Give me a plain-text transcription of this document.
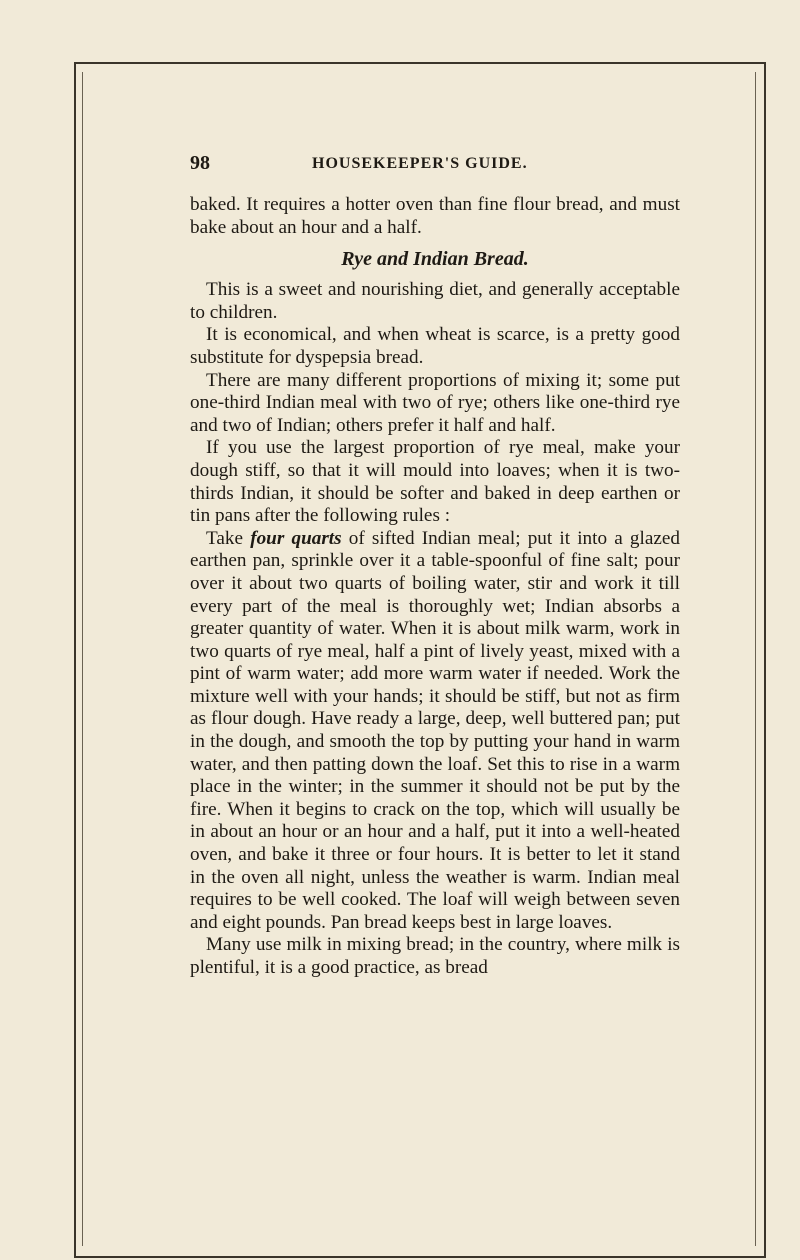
98	HOUSEKEEPER'S GUIDE.

baked. It requires a hotter oven than fine flour bread, and must bake about an hour and a half.

Rye and Indian Bread.

This is a sweet and nourishing diet, and generally acceptable to children.

It is economical, and when wheat is scarce, is a pretty good substitute for dyspepsia bread.

There are many different proportions of mixing it; some put one-third Indian meal with two of rye; others like one-third rye and two of Indian; others prefer it half and half.

If you use the largest proportion of rye meal, make your dough stiff, so that it will mould into loaves; when it is two-thirds Indian, it should be softer and baked in deep earthen or tin pans after the following rules :

Take four quarts of sifted Indian meal; put it into a glazed earthen pan, sprinkle over it a table-spoonful of fine salt; pour over it about two quarts of boiling water, stir and work it till every part of the meal is thoroughly wet; Indian absorbs a greater quantity of water. When it is about milk warm, work in two quarts of rye meal, half a pint of lively yeast, mixed with a pint of warm water; add more warm water if needed. Work the mixture well with your hands; it should be stiff, but not as firm as flour dough. Have ready a large, deep, well buttered pan; put in the dough, and smooth the top by putting your hand in warm water, and then patting down the loaf. Set this to rise in a warm place in the winter; in the summer it should not be put by the fire. When it begins to crack on the top, which will usually be in about an hour or an hour and a half, put it into a well-heated oven, and bake it three or four hours. It is better to let it stand in the oven all night, unless the weather is warm. Indian meal requires to be well cooked. The loaf will weigh between seven and eight pounds. Pan bread keeps best in large loaves.

Many use milk in mixing bread; in the country, where milk is plentiful, it is a good practice, as bread
